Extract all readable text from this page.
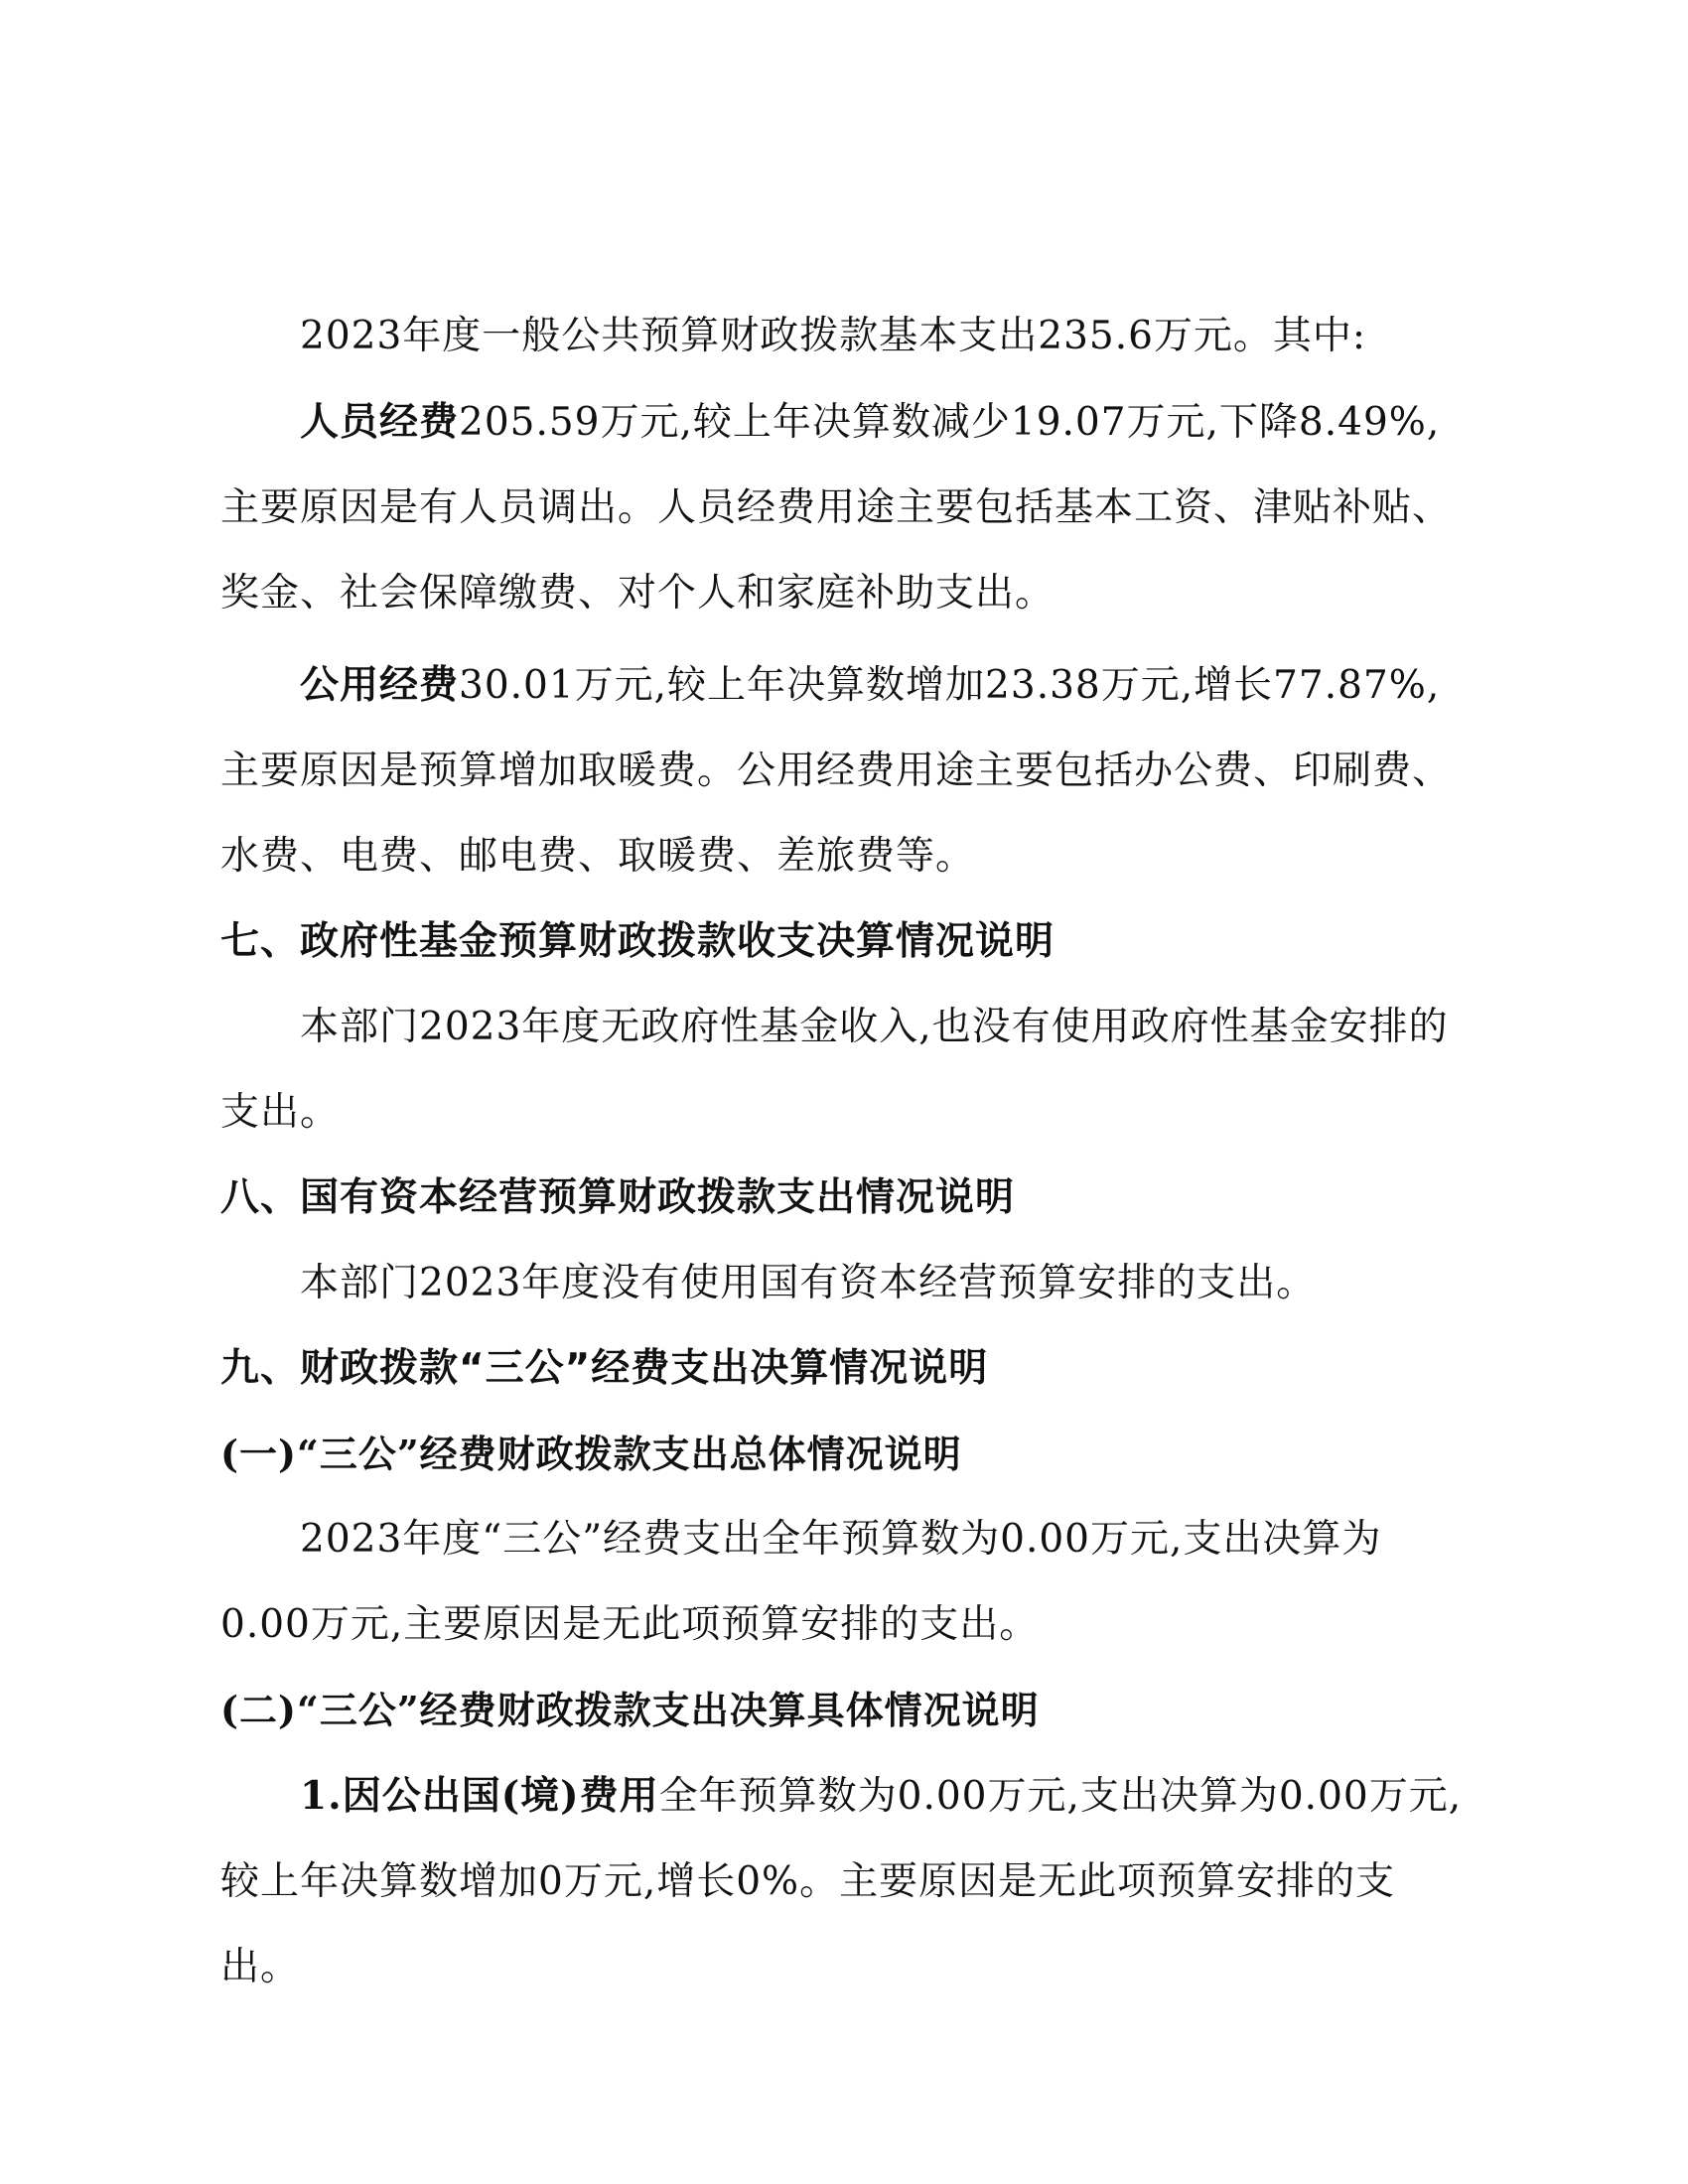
2023年度一般公共预算财政拨款基本支出235.6万元。其中:

人员经费205.59万元,较上年决算数减少19.07万元,下降8.49%,主要原因是有人员调出。人员经费用途主要包括基本工资、津贴补贴、奖金、社会保障缴费、对个人和家庭补助支出。

公用经费30.01万元,较上年决算数增加23.38万元,增长77.87%,主要原因是预算增加取暖费。公用经费用途主要包括办公费、印刷费、水费、电费、邮电费、取暖费、差旅费等。

七、政府性基金预算财政拨款收支决算情况说明

本部门2023年度无政府性基金收入,也没有使用政府性基金安排的支出。

八、国有资本经营预算财政拨款支出情况说明

本部门2023年度没有使用国有资本经营预算安排的支出。

九、财政拨款“三公”经费支出决算情况说明
(一)“三公”经费财政拨款支出总体情况说明

2023年度“三公”经费支出全年预算数为0.00万元,支出决算为0.00万元,主要原因是无此项预算安排的支出。

(二)“三公”经费财政拨款支出决算具体情况说明

1.因公出国(境)费用全年预算数为0.00万元,支出决算为0.00万元,较上年决算数增加0万元,增长0%。主要原因是无此项预算安排的支出。
